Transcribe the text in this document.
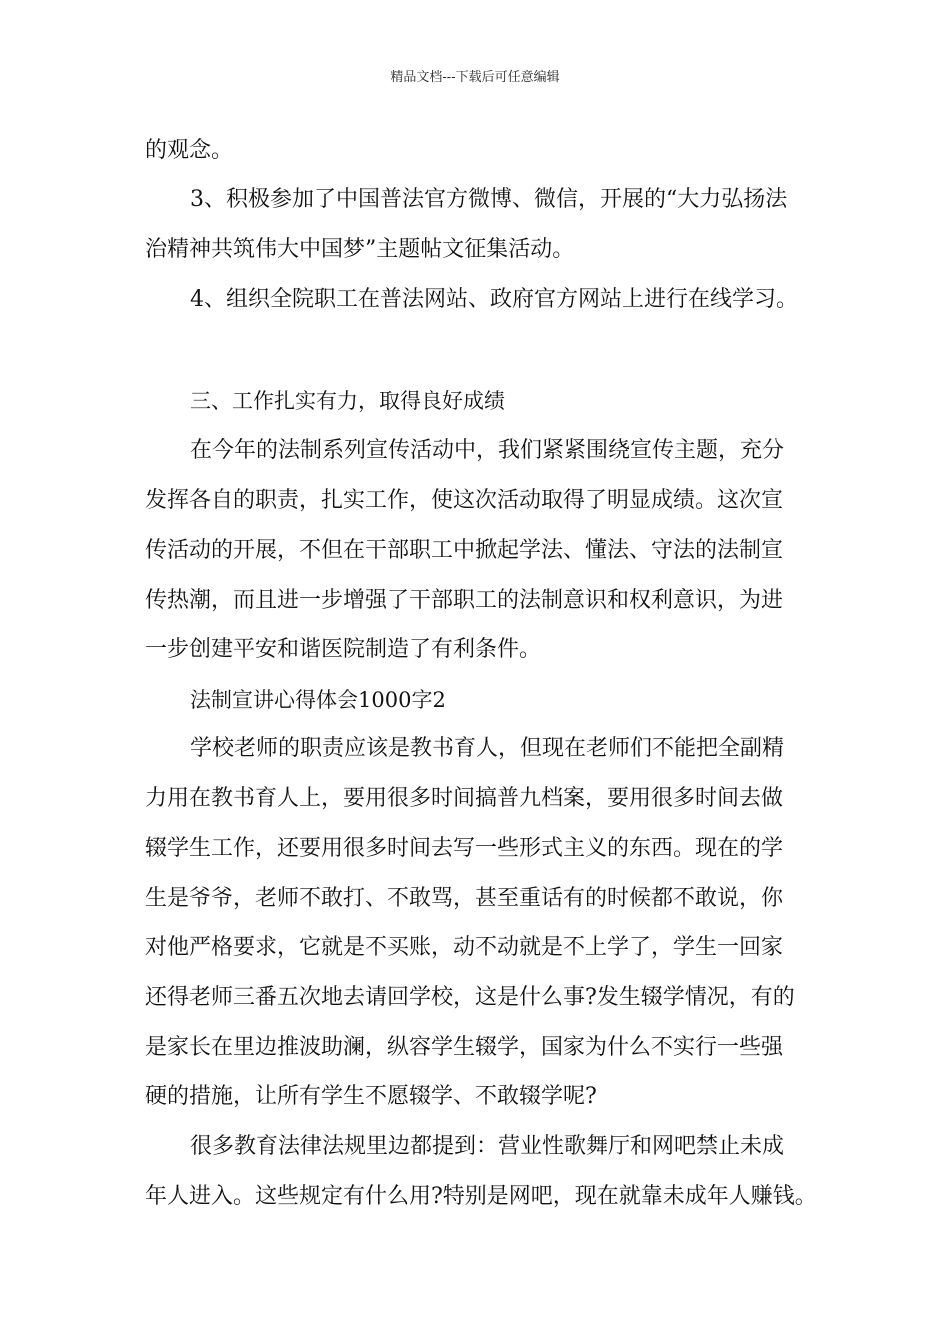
精品文档---下载后可任意编辑
的观念。
3、积极参加了中国普法官方微博、微信，开展的“大力弘扬法
治精神共筑伟大中国梦”主题帖文征集活动。
4、组织全院职工在普法网站、政府官方网站上进行在线学习。
三、工作扎实有力，取得良好成绩
在今年的法制系列宣传活动中，我们紧紧围绕宣传主题，充分
发挥各自的职责，扎实工作，使这次活动取得了明显成绩。这次宣
传活动的开展，不但在干部职工中掀起学法、懂法、守法的法制宣
传热潮，而且进一步增强了干部职工的法制意识和权利意识，为进
一步创建平安和谐医院制造了有利条件。
法制宣讲心得体会1000字2
学校老师的职责应该是教书育人，但现在老师们不能把全副精
力用在教书育人上，要用很多时间搞普九档案，要用很多时间去做
辍学生工作，还要用很多时间去写一些形式主义的东西。现在的学
生是爷爷，老师不敢打、不敢骂，甚至重话有的时候都不敢说，你
对他严格要求，它就是不买账，动不动就是不上学了，学生一回家
还得老师三番五次地去请回学校，这是什么事?发生辍学情况，有的
是家长在里边推波助澜，纵容学生辍学，国家为什么不实行一些强
硬的措施，让所有学生不愿辍学、不敢辍学呢?
很多教育法律法规里边都提到：营业性歌舞厅和网吧禁止未成
年人进入。这些规定有什么用?特别是网吧，现在就靠未成年人赚钱。
